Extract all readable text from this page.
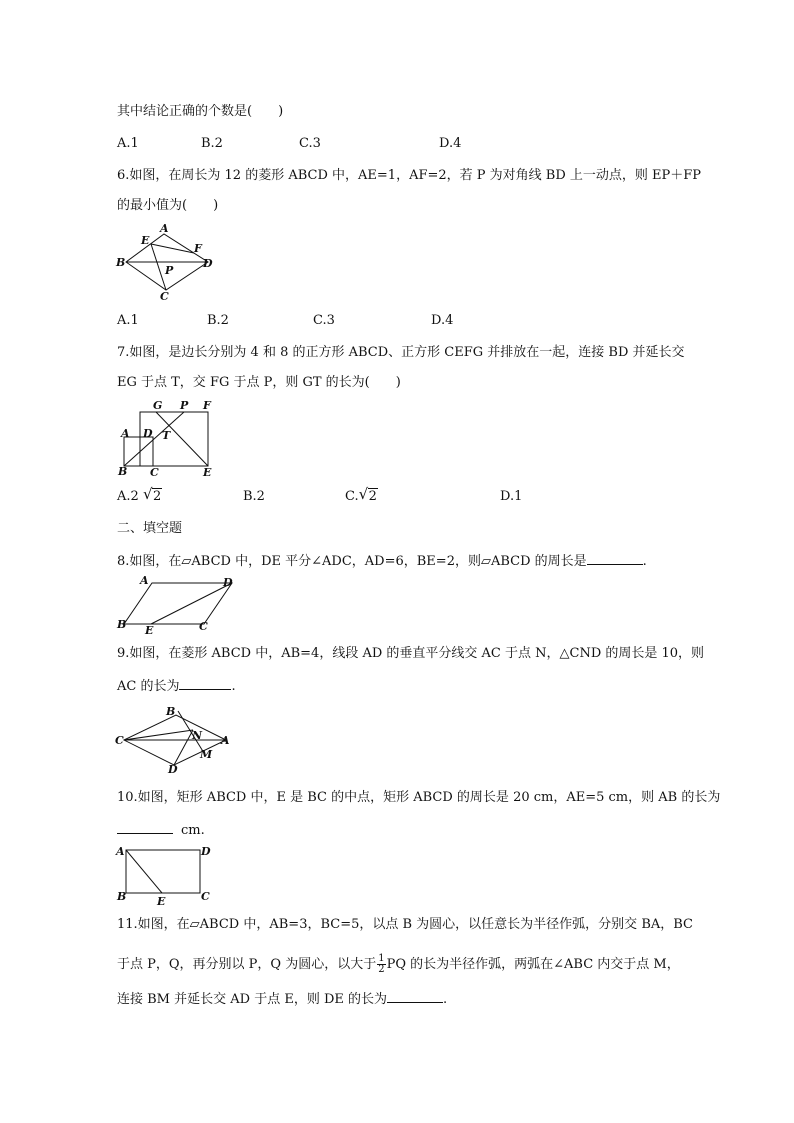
其中结论正确的个数是(　　)
A.1	B.2	C.3	D.4
6.如图，在周长为 12 的菱形 ABCD 中，AE=1，AF=2，若 P 为对角线 BD 上一动点，则 EP＋FP
的最小值为(　　)
A
B
C
D
E
F
P
A.1	B.2	C.3	D.4
7.如图，是边长分别为 4 和 8 的正方形 ABCD、正方形 CEFG 并排放在一起，连接 BD 并延长交
EG 于点 T，交 FG 于点 P，则 GT 的长为(　　)
G P F
A D T
B C	E
A.2 √ 2	B.2	C. √ 2	D.1
二、填空题
8.如图，在▱ABCD 中，DE 平分∠ADC，AD=6，BE=2，则▱ABCD 的周长是	.
A	D
B E	C
9.如图，在菱形 ABCD 中，AB=4，线段 AD 的垂直平分线交 AC 于点 N，△CND 的周长是 10，则
AC 的长为	.
B
C	N A
M
D
10.如图，矩形 ABCD 中，E 是 BC 的中点，矩形 ABCD 的周长是 20 cm，AE=5 cm，则 AB 的长为
cm.
A	D
B	E	C
11.如图，在▱ABCD 中，AB=3，BC=5，以点 B 为圆心，以任意长为半径作弧，分别交 BA，BC
于点 P，Q，再分别以 P，Q 为圆心，以大于 $\frac{1}{2}$ PQ 的长为半径作弧，两弧在∠ABC 内交于点 M，
连接 BM 并延长交 AD 于点 E，则 DE 的长为	.
